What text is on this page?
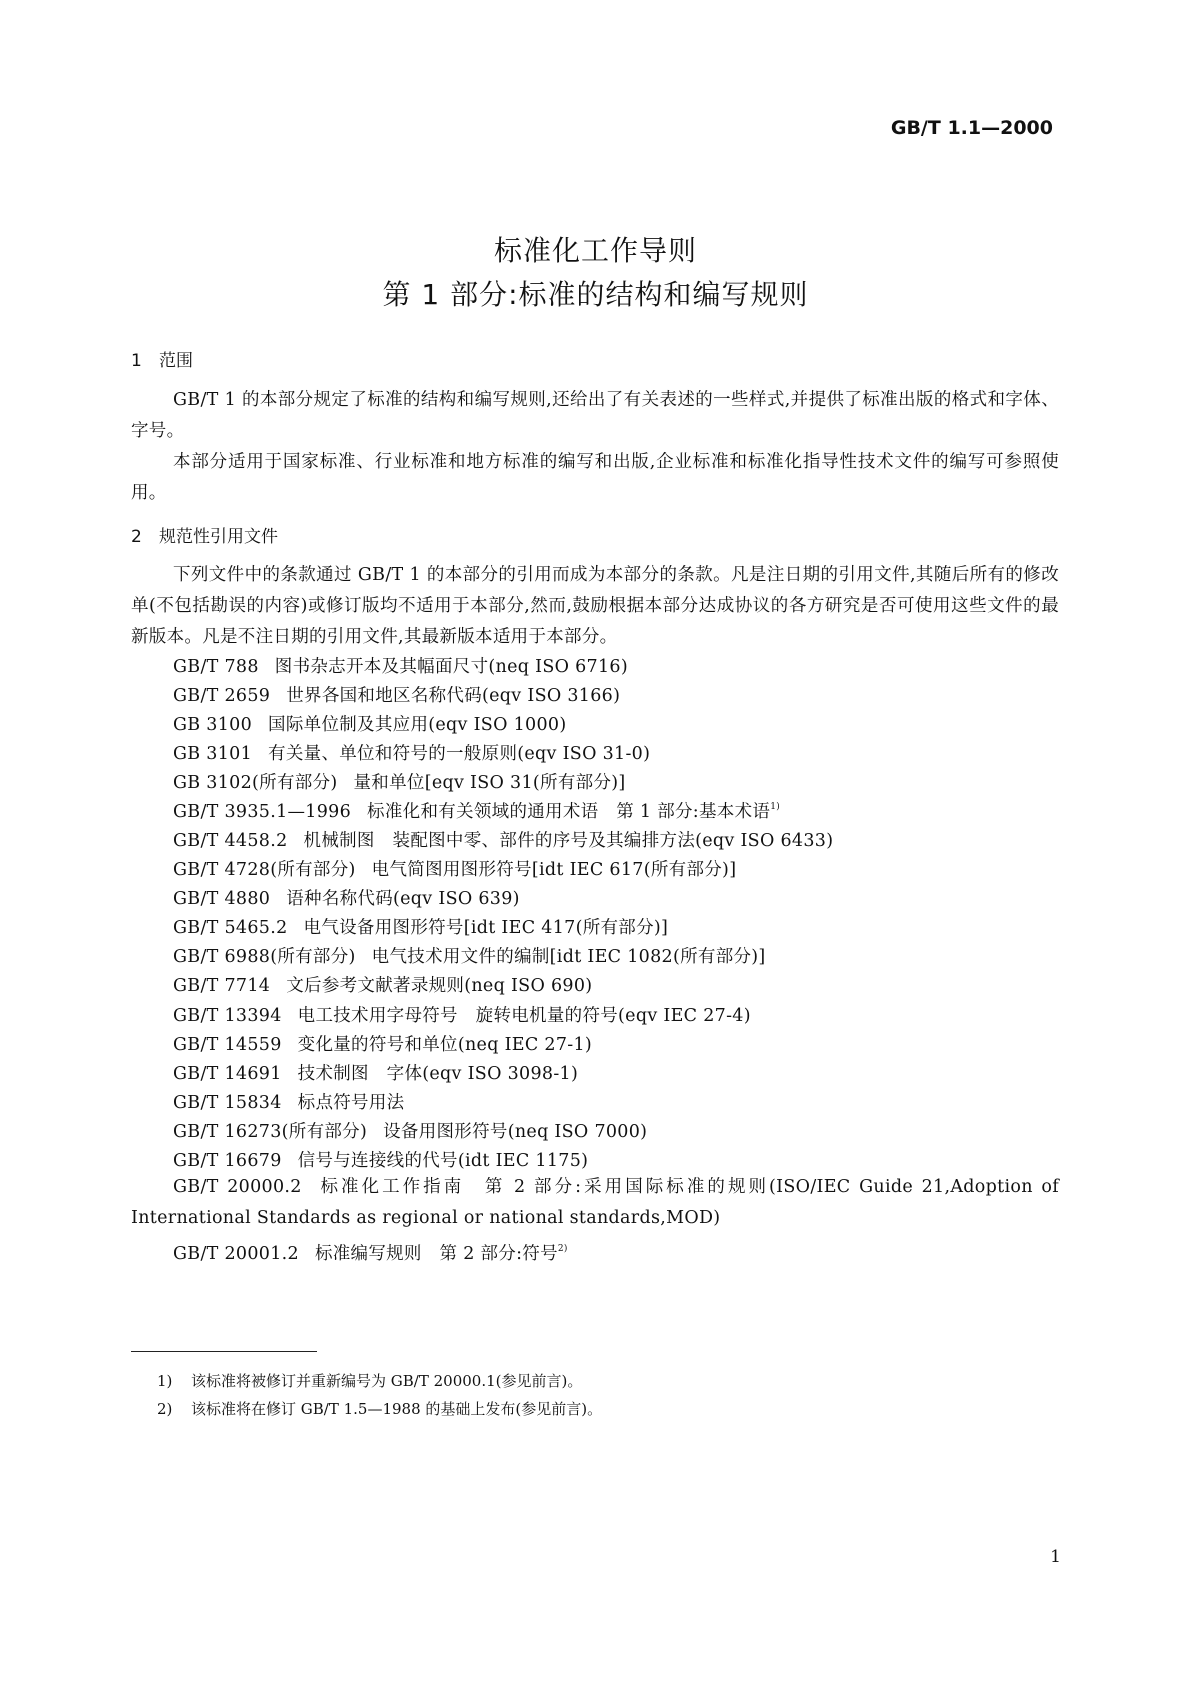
GB/T 1.1—2000
标准化工作导则
第 1 部分:标准的结构和编写规则
1 范围
GB/T 1 的本部分规定了标准的结构和编写规则,还给出了有关表述的一些样式,并提供了标准出版的格式和字体、字号。
本部分适用于国家标准、行业标准和地方标准的编写和出版,企业标准和标准化指导性技术文件的编写可参照使用。
2 规范性引用文件
下列文件中的条款通过 GB/T 1 的本部分的引用而成为本部分的条款。凡是注日期的引用文件,其随后所有的修改单(不包括勘误的内容)或修订版均不适用于本部分,然而,鼓励根据本部分达成协议的各方研究是否可使用这些文件的最新版本。凡是不注日期的引用文件,其最新版本适用于本部分。
GB/T 788 图书杂志开本及其幅面尺寸(neq ISO 6716)
GB/T 2659 世界各国和地区名称代码(eqv ISO 3166)
GB 3100 国际单位制及其应用(eqv ISO 1000)
GB 3101 有关量、单位和符号的一般原则(eqv ISO 31-0)
GB 3102(所有部分) 量和单位[eqv ISO 31(所有部分)]
GB/T 3935.1—1996 标准化和有关领域的通用术语　第 1 部分:基本术语$^{1)}$
GB/T 4458.2 机械制图　装配图中零、部件的序号及其编排方法(eqv ISO 6433)
GB/T 4728(所有部分) 电气简图用图形符号[idt IEC 617(所有部分)]
GB/T 4880 语种名称代码(eqv ISO 639)
GB/T 5465.2 电气设备用图形符号[idt IEC 417(所有部分)]
GB/T 6988(所有部分) 电气技术用文件的编制[idt IEC 1082(所有部分)]
GB/T 7714 文后参考文献著录规则(neq ISO 690)
GB/T 13394 电工技术用字母符号　旋转电机量的符号(eqv IEC 27-4)
GB/T 14559 变化量的符号和单位(neq IEC 27-1)
GB/T 14691 技术制图　字体(eqv ISO 3098-1)
GB/T 15834 标点符号用法
GB/T 16273(所有部分) 设备用图形符号(neq ISO 7000)
GB/T 16679 信号与连接线的代号(idt IEC 1175)
GB/T 20000.2 标准化工作指南　第 2 部分:采用国际标准的规则(ISO/IEC Guide 21,Adoption of International Standards as regional or national standards,MOD)
GB/T 20001.2 标准编写规则　第 2 部分:符号$^{2)}$
1) 该标准将被修订并重新编号为 GB/T 20000.1(参见前言)。
2) 该标准将在修订 GB/T 1.5—1988 的基础上发布(参见前言)。
1
